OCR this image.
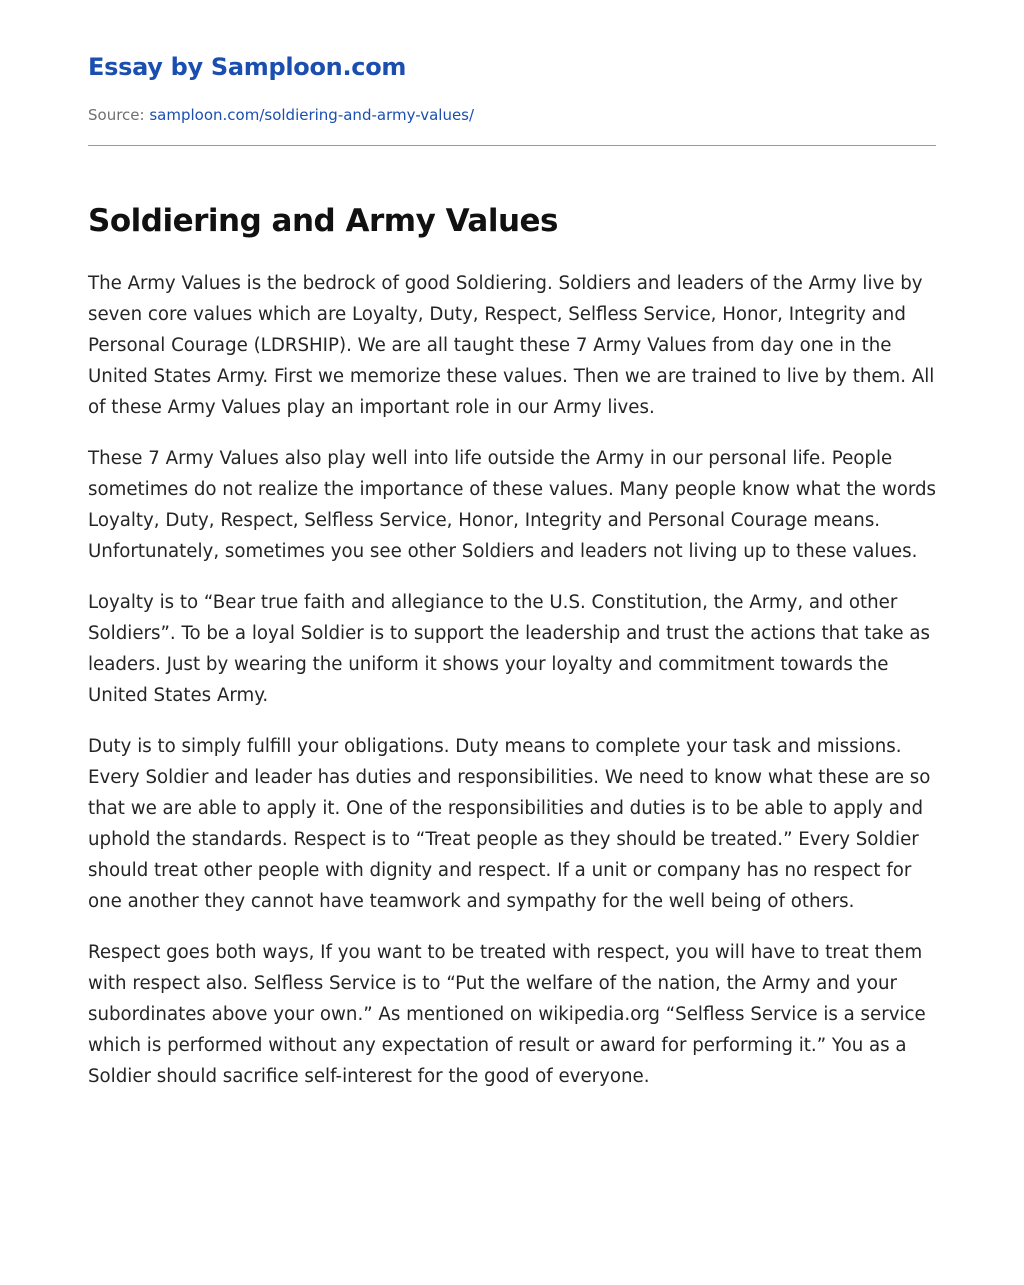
Essay by Samploon.com
Source: samploon.com/soldiering-and-army-values/
Soldiering and Army Values

The Army Values is the bedrock of good Soldiering. Soldiers and leaders of the Army live by seven core values which are Loyalty, Duty, Respect, Selfless Service, Honor, Integrity and Personal Courage (LDRSHIP). We are all taught these 7 Army Values from day one in the United States Army. First we memorize these values. Then we are trained to live by them. All of these Army Values play an important role in our Army lives.

These 7 Army Values also play well into life outside the Army in our personal life. People sometimes do not realize the importance of these values. Many people know what the words Loyalty, Duty, Respect, Selfless Service, Honor, Integrity and Personal Courage means. Unfortunately, sometimes you see other Soldiers and leaders not living up to these values.

Loyalty is to “Bear true faith and allegiance to the U.S. Constitution, the Army, and other Soldiers”. To be a loyal Soldier is to support the leadership and trust the actions that take as leaders. Just by wearing the uniform it shows your loyalty and commitment towards the United States Army.

Duty is to simply fulfill your obligations. Duty means to complete your task and missions. Every Soldier and leader has duties and responsibilities. We need to know what these are so that we are able to apply it. One of the responsibilities and duties is to be able to apply and uphold the standards. Respect is to “Treat people as they should be treated.” Every Soldier should treat other people with dignity and respect. If a unit or company has no respect for one another they cannot have teamwork and sympathy for the well being of others.

Respect goes both ways, If you want to be treated with respect, you will have to treat them with respect also. Selfless Service is to “Put the welfare of the nation, the Army and your subordinates above your own.” As mentioned on wikipedia.org “Selfless Service is a service which is performed without any expectation of result or award for performing it.” You as a Soldier should sacrifice self-interest for the good of everyone.
